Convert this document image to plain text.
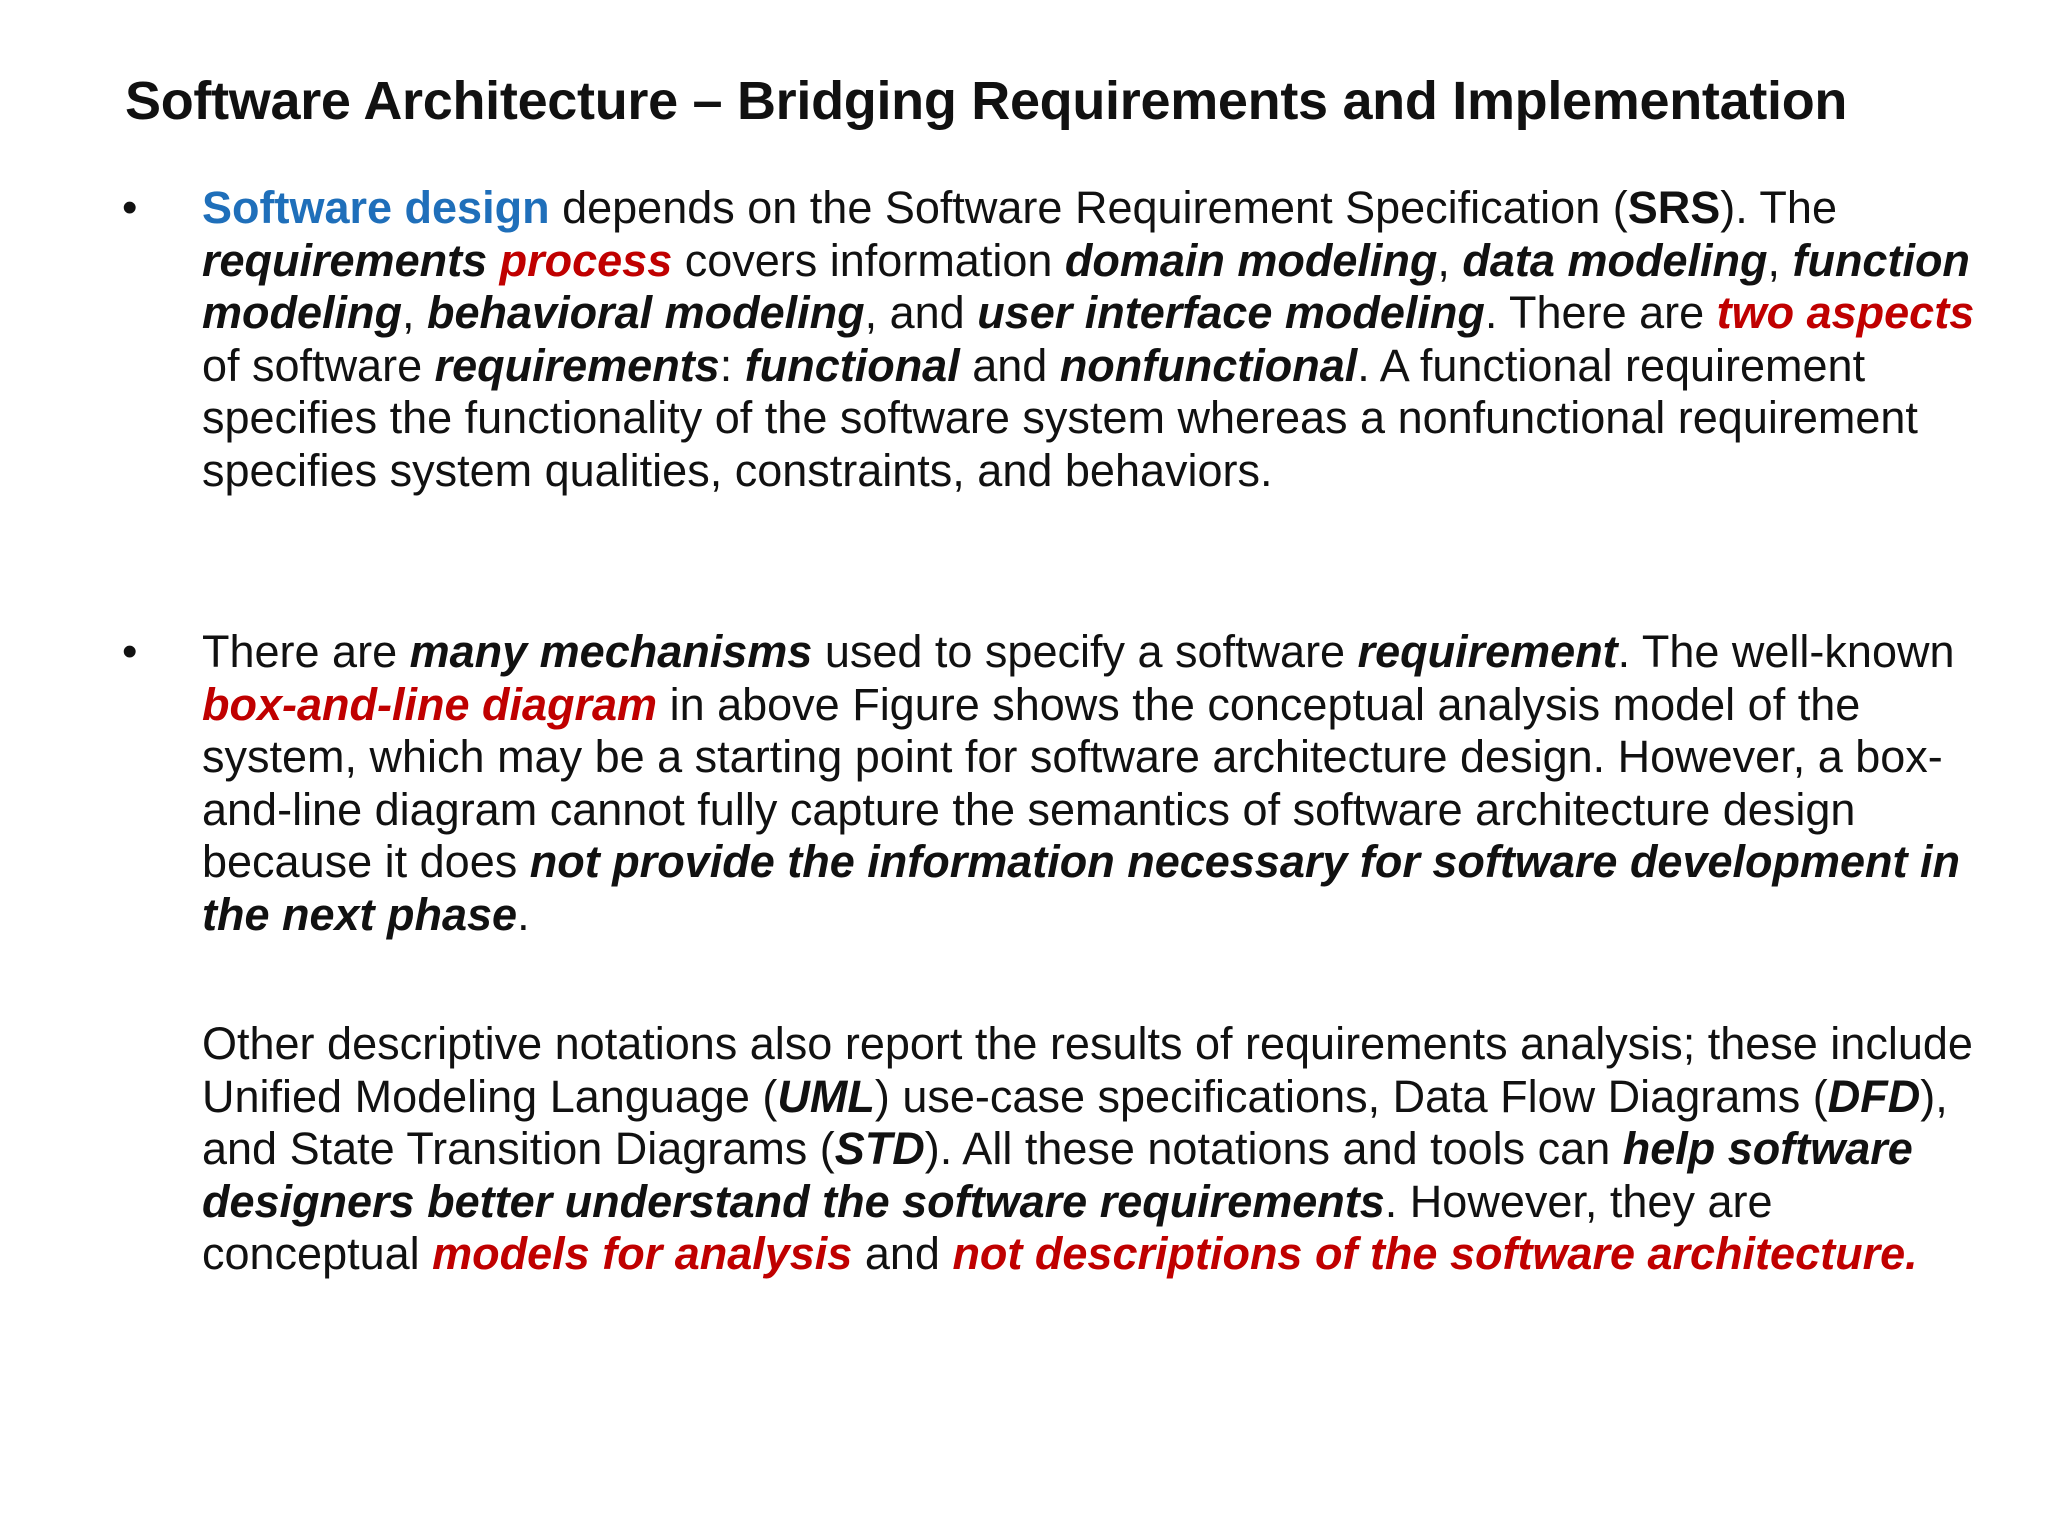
Software Architecture – Bridging Requirements and Implementation
• Software design depends on the Software Requirement Specification (SRS). The requirements process covers information domain modeling, data modeling, function modeling, behavioral modeling, and user interface modeling. There are two aspects of software requirements: functional and nonfunctional. A functional requirement specifies the functionality of the software system whereas a nonfunctional requirement specifies system qualities, constraints, and behaviors.

• There are many mechanisms used to specify a software requirement. The well-known box-and-line diagram in above Figure shows the conceptual analysis model of the system, which may be a starting point for software architecture design. However, a box-and-line diagram cannot fully capture the semantics of software architecture design because it does not provide the information necessary for software development in the next phase.

Other descriptive notations also report the results of requirements analysis; these include Unified Modeling Language (UML) use-case specifications, Data Flow Diagrams (DFD), and State Transition Diagrams (STD). All these notations and tools can help software designers better understand the software requirements. However, they are conceptual models for analysis and not descriptions of the software architecture.
